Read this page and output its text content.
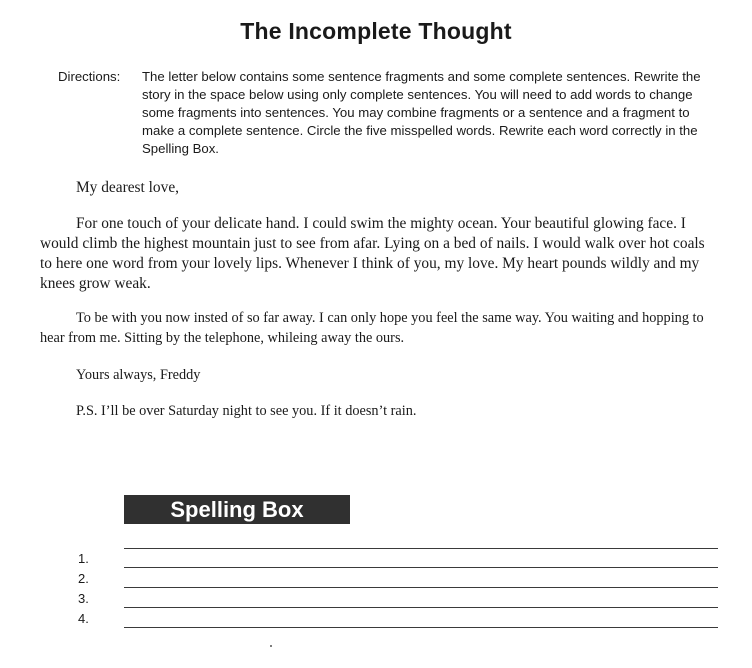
The Incomplete Thought
Directions:	The letter below contains some sentence fragments and some complete sentences. Rewrite the story in the space below using only complete sentences. You will need to add words to change some fragments into sentences. You may combine fragments or a sentence and a fragment to make a complete sentence. Circle the five misspelled words. Rewrite each word correctly in the Spelling Box.
My dearest love,
For one touch of your delicate hand. I could swim the mighty ocean. Your beautiful glowing face. I would climb the highest mountain just to see from afar. Lying on a bed of nails. I would walk over hot coals to here one word from your lovely lips. Whenever I think of you, my love. My heart pounds wildly and my knees grow weak.
To be with you now insted of so far away. I can only hope you feel the same way. You waiting and hopping to hear from me. Sitting by the telephone, whileing away the ours.
Yours always, Freddy
P.S. I’ll be over Saturday night to see you. If it doesn’t rain.
Spelling Box
1.
2.
3.
4.
